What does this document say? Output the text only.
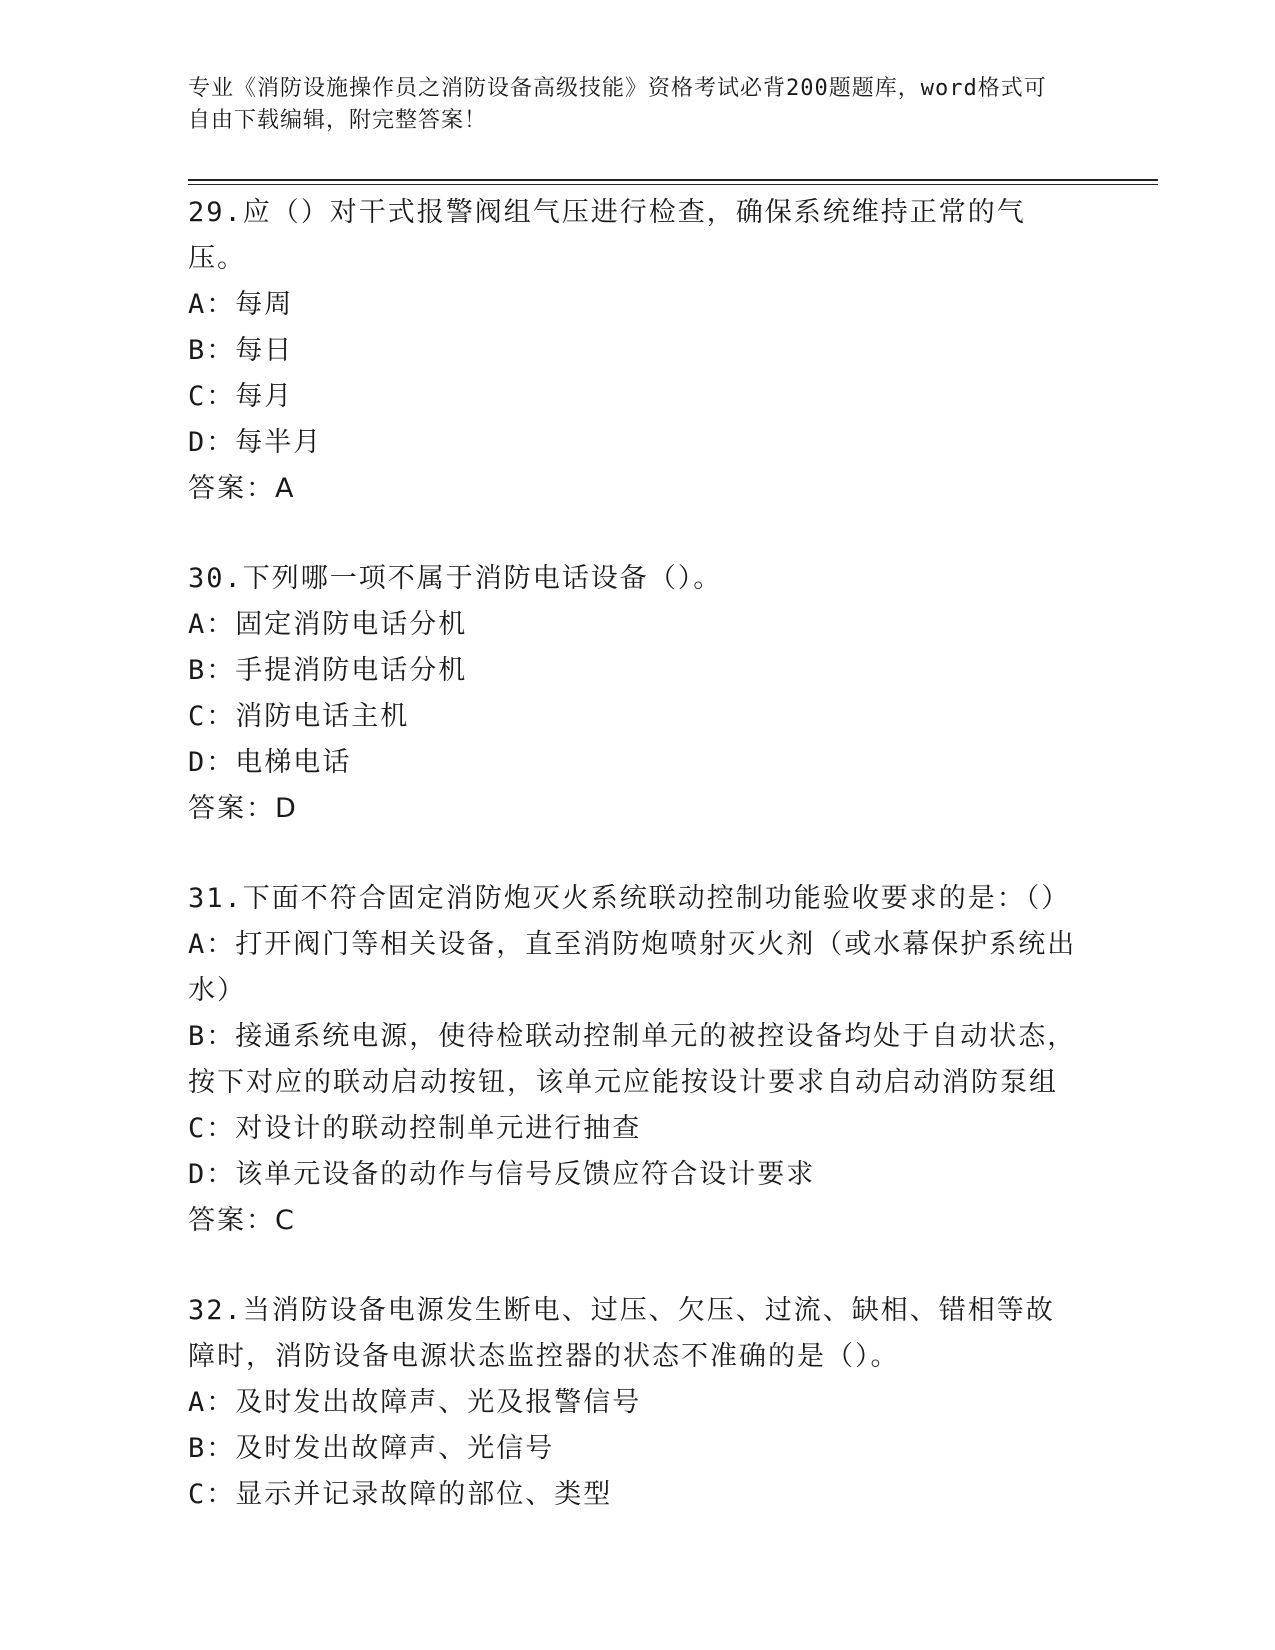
专业《消防设施操作员之消防设备高级技能》资格考试必背200题题库，word格式可自由下载编辑，附完整答案！

29.应（）对干式报警阀组气压进行检查，确保系统维持正常的气压。

A：每周

B：每日

C：每月

D：每半月

答案：A

30.下列哪一项不属于消防电话设备（）。

A：固定消防电话分机

B：手提消防电话分机

C：消防电话主机

D：电梯电话

答案：D

31.下面不符合固定消防炮灭火系统联动控制功能验收要求的是：（）

A：打开阀门等相关设备，直至消防炮喷射灭火剂（或水幕保护系统出水）

B：接通系统电源，使待检联动控制单元的被控设备均处于自动状态，按下对应的联动启动按钮，该单元应能按设计要求自动启动消防泵组

C：对设计的联动控制单元进行抽查

D：该单元设备的动作与信号反馈应符合设计要求

答案：C

32.当消防设备电源发生断电、过压、欠压、过流、缺相、错相等故障时，消防设备电源状态监控器的状态不准确的是（）。

A：及时发出故障声、光及报警信号

B：及时发出故障声、光信号

C：显示并记录故障的部位、类型
